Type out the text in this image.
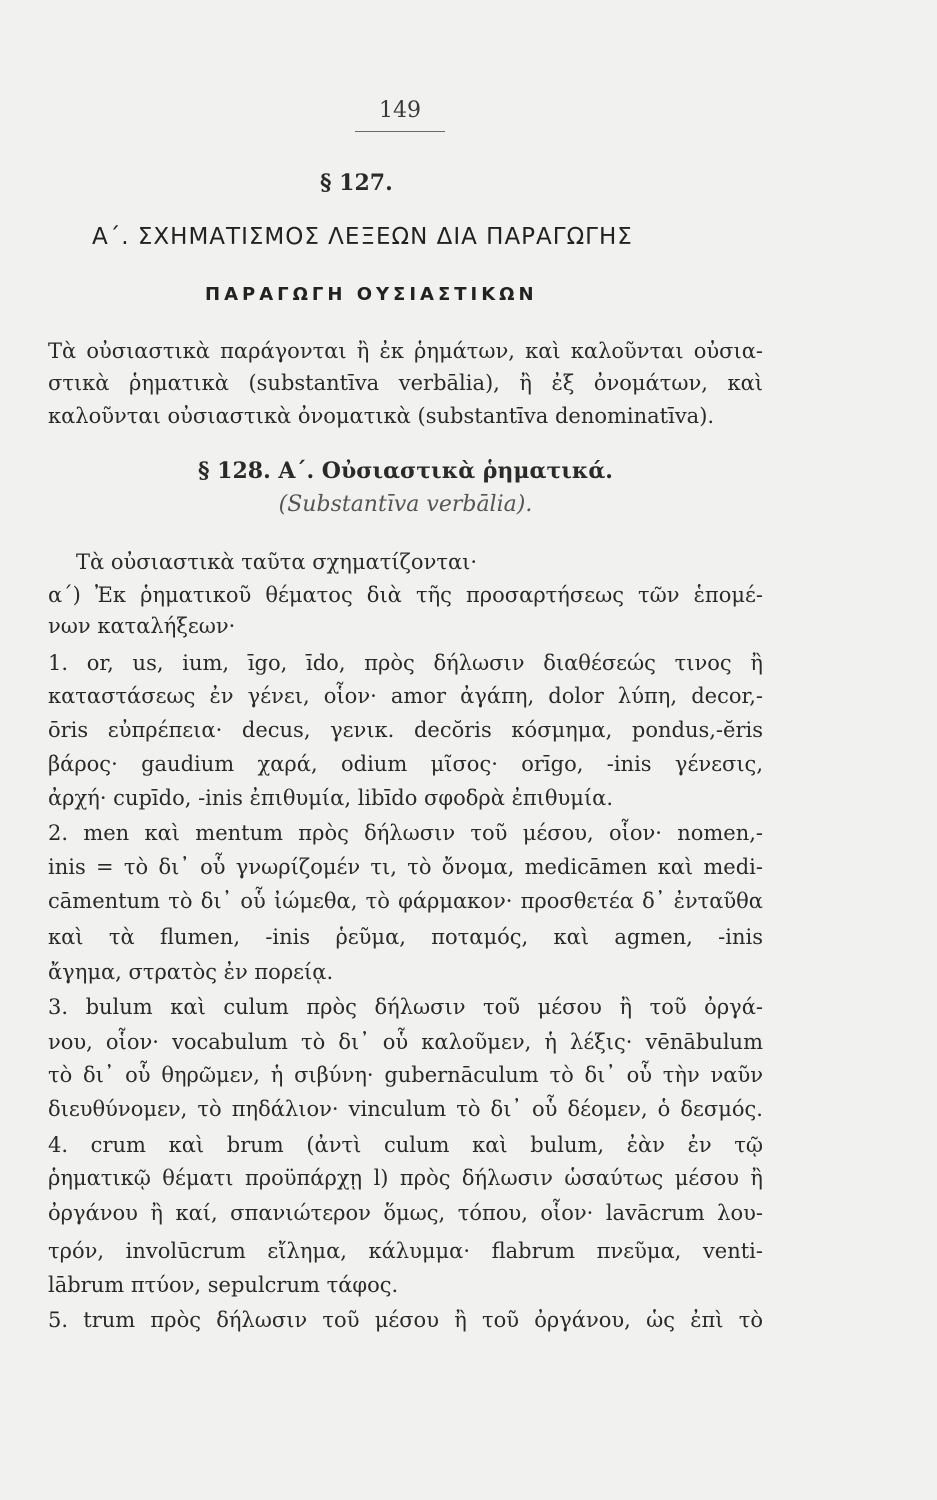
149
§ 127.
Α΄. ΣΧΗΜΑΤΙΣΜΟΣ ΛΕΞΕΩΝ ΔΙΑ ΠΑΡΑΓΩΓΗΣ
ΠΑΡΑΓΩΓΗ ΟΥΣΙΑΣΤΙΚΩΝ
Τὰ οὐσιαστικὰ παράγονται ἢ ἐκ ῥημάτων, καὶ καλοῦνται οὐσια-
στικὰ ῥηματικὰ (substantīva verbālia), ἢ ἐξ ὀνομάτων, καὶ
καλοῦνται οὐσιαστικὰ ὀνοματικὰ (substantīva denominatīva).
§ 128. Α΄. Οὐσιαστικὰ ῥηματικά.
(Substantīva verbālia).
Τὰ οὐσιαστικὰ ταῦτα σχηματίζονται·
α΄) Ἐκ ῥηματικοῦ θέματος διὰ τῆς προσαρτήσεως τῶν ἑπομέ-
νων καταλήξεων·
1. or, us, ium, īgo, īdo, πρὸς δήλωσιν διαθέσεώς τινος ἢ
καταστάσεως ἐν γένει, οἷον· amor ἀγάπη, dolor λύπη, decor,-
ōris εὐπρέπεια· decus, γενικ. decŏris κόσμημα, pondus,-ĕris
βάρος· gaudium χαρά, odium μῖσος· orīgo, -inis γένεσις,
ἀρχή· cupīdo, -inis ἐπιθυμία, libīdo σφοδρὰ ἐπιθυμία.
2. men καὶ mentum πρὸς δήλωσιν τοῦ μέσου, οἷον· nomen,-
inis = τὸ δι᾽ οὗ γνωρίζομέν τι, τὸ ὄνομα, medicāmen καὶ medi-
cāmentum τὸ δι᾽ οὗ ἰώμεθα, τὸ φάρμακον· προσθετέα δ᾽ ἐνταῦθα
καὶ τὰ flumen, -inis ῥεῦμα, ποταμός, καὶ agmen, -inis
ἄγημα, στρατὸς ἐν πορείᾳ.
3. bulum καὶ culum πρὸς δήλωσιν τοῦ μέσου ἢ τοῦ ὀργά-
νου, οἷον· vocabulum τὸ δι᾽ οὗ καλοῦμεν, ἡ λέξις· vēnābulum
τὸ δι᾽ οὗ θηρῶμεν, ἡ σιβύνη· gubernāculum τὸ δι᾽ οὗ τὴν ναῦν
διευθύνομεν, τὸ πηδάλιον· vinculum τὸ δι᾽ οὗ δέομεν, ὁ δεσμός.
4. crum καὶ brum (ἀντὶ culum καὶ bulum, ἐὰν ἐν τῷ
ῥηματικῷ θέματι προϋπάρχῃ l) πρὸς δήλωσιν ὡσαύτως μέσου ἢ
ὀργάνου ἢ καί, σπανιώτερον ὅμως, τόπου, οἷον· lavācrum λου-
τρόν, involūcrum εἴλημα, κάλυμμα· flabrum πνεῦμα, venti-
lābrum πτύον, sepulcrum τάφος.
5. trum πρὸς δήλωσιν τοῦ μέσου ἢ τοῦ ὀργάνου, ὡς ἐπὶ τὸ
